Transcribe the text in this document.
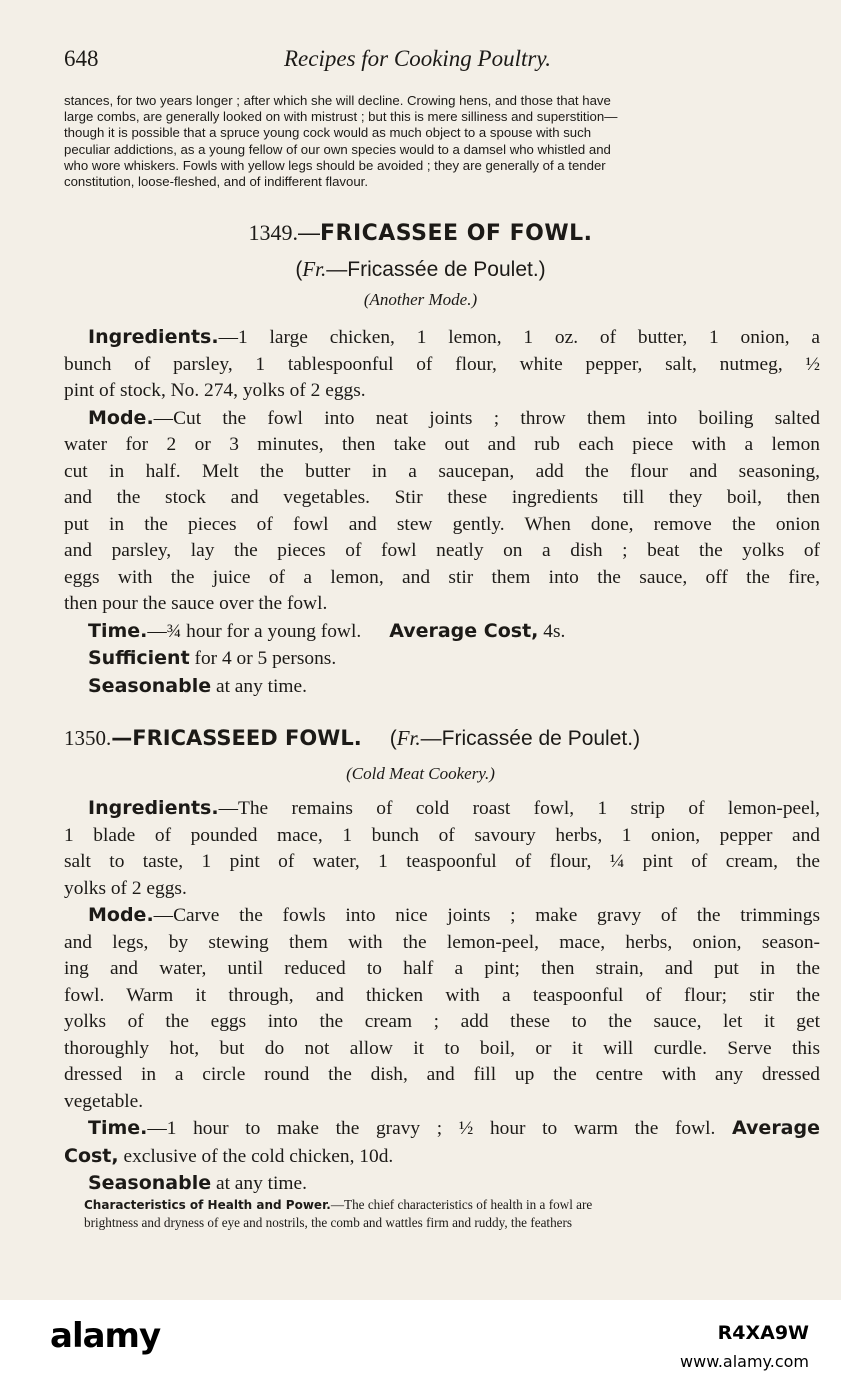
648	Recipes for Cooking Poultry.
stances, for two years longer ; after which she will decline. Crowing hens, and those that have
large combs, are generally looked on with mistrust ; but this is mere silliness and superstition—
though it is possible that a spruce young cock would as much object to a spouse with such
peculiar addictions, as a young fellow of our own species would to a damsel who whistled and
who wore whiskers. Fowls with yellow legs should be avoided ; they are generally of a tender
constitution, loose-fleshed, and of indifferent flavour.
1349.—FRICASSEE OF FOWL.
(Fr.—Fricassée de Poulet.)
(Another Mode.)
Ingredients.—1 large chicken, 1 lemon, 1 oz. of butter, 1 onion, a
bunch of parsley, 1 tablespoonful of flour, white pepper, salt, nutmeg, ½
pint of stock, No. 274, yolks of 2 eggs.
Mode.—Cut the fowl into neat joints ; throw them into boiling salted
water for 2 or 3 minutes, then take out and rub each piece with a lemon
cut in half. Melt the butter in a saucepan, add the flour and seasoning,
and the stock and vegetables. Stir these ingredients till they boil, then
put in the pieces of fowl and stew gently. When done, remove the onion
and parsley, lay the pieces of fowl neatly on a dish ; beat the yolks of
eggs with the juice of a lemon, and stir them into the sauce, off the fire,
then pour the sauce over the fowl.
Time.—¾ hour for a young fowl. Average Cost, 4s.
Sufficient for 4 or 5 persons.
Seasonable at any time.
1350.—FRICASSEED FOWL. (Fr.—Fricassée de Poulet.)
(Cold Meat Cookery.)
Ingredients.—The remains of cold roast fowl, 1 strip of lemon-peel,
1 blade of pounded mace, 1 bunch of savoury herbs, 1 onion, pepper and
salt to taste, 1 pint of water, 1 teaspoonful of flour, ¼ pint of cream, the
yolks of 2 eggs.
Mode.—Carve the fowls into nice joints ; make gravy of the trimmings
and legs, by stewing them with the lemon-peel, mace, herbs, onion, season-
ing and water, until reduced to half a pint; then strain, and put in the
fowl. Warm it through, and thicken with a teaspoonful of flour; stir the
yolks of the eggs into the cream ; add these to the sauce, let it get
thoroughly hot, but do not allow it to boil, or it will curdle. Serve this
dressed in a circle round the dish, and fill up the centre with any dressed
vegetable.
Time.—1 hour to make the gravy ; ½ hour to warm the fowl. Average
Cost, exclusive of the cold chicken, 10d.
Seasonable at any time.
Characteristics of Health and Power.—The chief characteristics of health in a fowl are
brightness and dryness of eye and nostrils, the comb and wattles firm and ruddy, the feathers
alamy	R4XA9W
www.alamy.com
